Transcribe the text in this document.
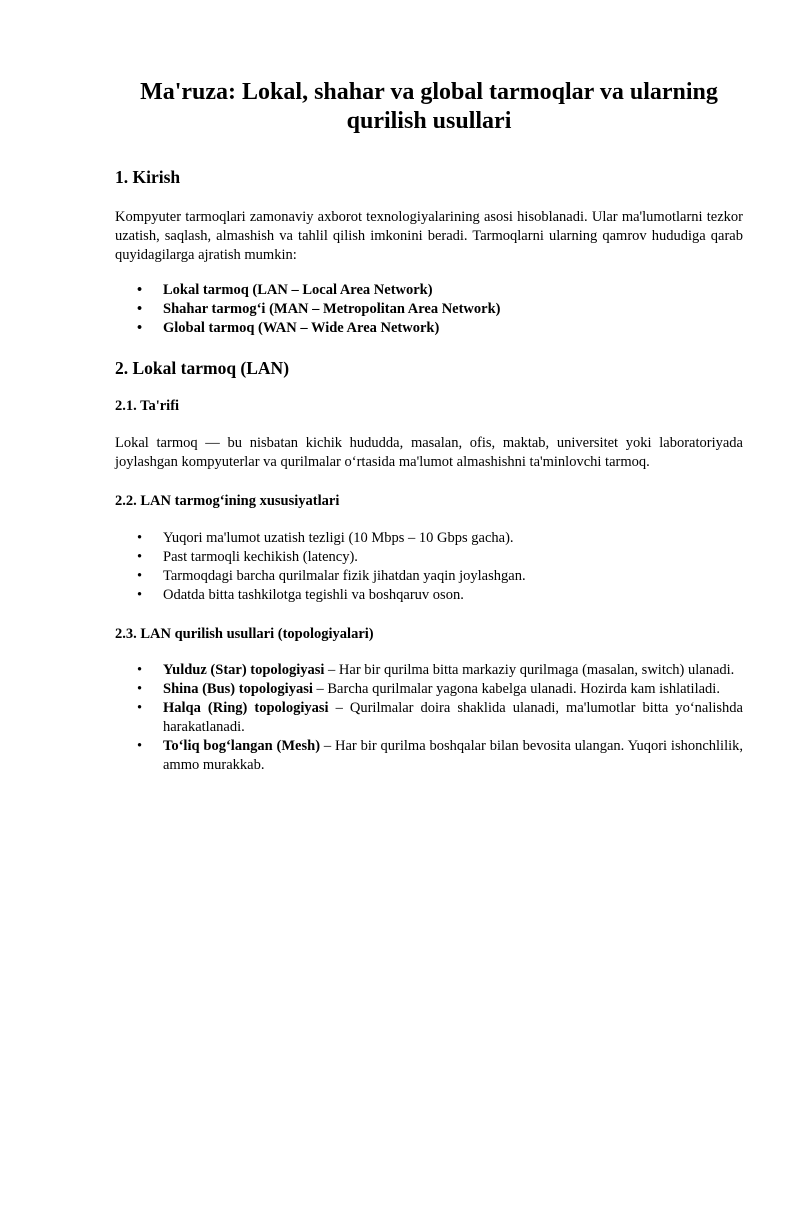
Ma'ruza: Lokal, shahar va global tarmoqlar va ularning qurilish usullari
1. Kirish

Kompyuter tarmoqlari zamonaviy axborot texnologiyalarining asosi hisoblanadi. Ular ma'lumotlarni tezkor uzatish, saqlash, almashish va tahlil qilish imkonini beradi. Tarmoqlarni ularning qamrov hududiga qarab quyidagilarga ajratish mumkin:

• Lokal tarmoq (LAN – Local Area Network)
• Shahar tarmog‘i (MAN – Metropolitan Area Network)
• Global tarmoq (WAN – Wide Area Network)
2. Lokal tarmoq (LAN)
2.1. Ta'rifi

Lokal tarmoq — bu nisbatan kichik hududda, masalan, ofis, maktab, universitet yoki laboratoriyada joylashgan kompyuterlar va qurilmalar o‘rtasida ma'lumot almashishni ta'minlovchi tarmoq.

2.2. LAN tarmog‘ining xususiyatlari
• Yuqori ma'lumot uzatish tezligi (10 Mbps – 10 Gbps gacha).
• Past tarmoqli kechikish (latency).
• Tarmoqdagi barcha qurilmalar fizik jihatdan yaqin joylashgan.
• Odatda bitta tashkilotga tegishli va boshqaruv oson.
2.3. LAN qurilish usullari (topologiyalari)
• Yulduz (Star) topologiyasi – Har bir qurilma bitta markaziy qurilmaga (masalan, switch) ulanadi.
• Shina (Bus) topologiyasi – Barcha qurilmalar yagona kabelga ulanadi. Hozirda kam ishlatiladi.
• Halqa (Ring) topologiyasi – Qurilmalar doira shaklida ulanadi, ma'lumotlar bitta yo‘nalishda harakatlanadi.
• To‘liq bog‘langan (Mesh) – Har bir qurilma boshqalar bilan bevosita ulangan. Yuqori ishonchlilik, ammo murakkab.
